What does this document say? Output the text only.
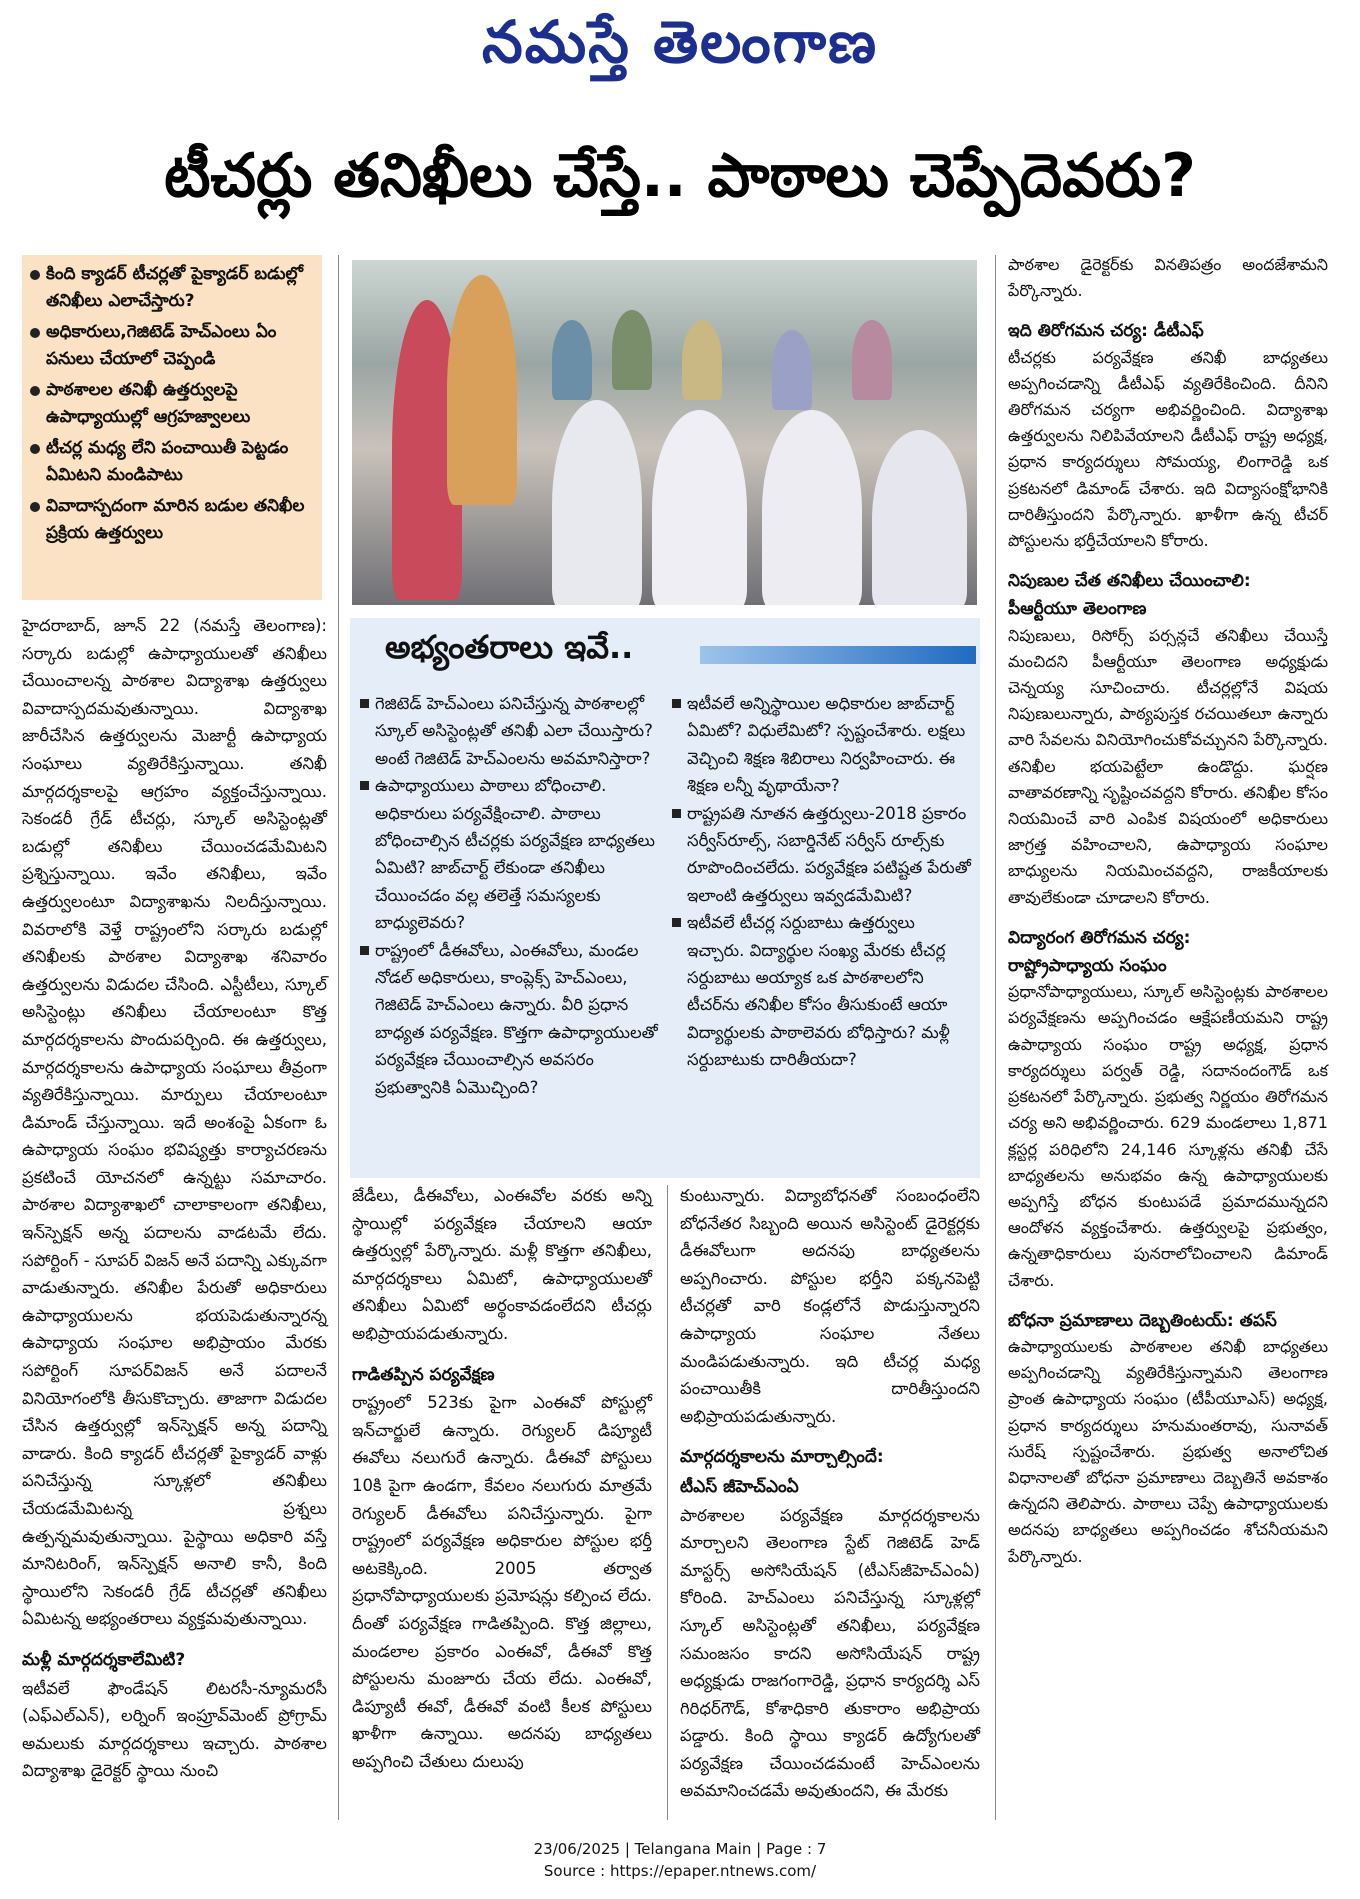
నమస్తే తెలంగాణ
టీచర్లు తనిఖీలు చేస్తే.. పాఠాలు చెప్పేదెవరు?
కింది క్యాడర్ టీచర్లతో పైక్యాడర్ బడుల్లో తనిఖీలు ఎలాచేస్తారు?
అధికారులు,గెజిటెడ్ హెచ్ఎంలు ఏం పనులు చేయాలో చెప్పండి
పాఠశాలల తనిఖీ ఉత్తర్వులపై ఉపాధ్యాయుల్లో ఆగ్రహజ్వాలలు
టీచర్ల మధ్య లేని పంచాయితీ పెట్టడం ఏమిటని మండిపాటు
వివాదాస్పదంగా మారిన బడుల తనిఖీల ప్రక్రియ ఉత్తర్వులు
అభ్యంతరాలు ఇవే..
గెజిటెడ్ హెచ్ఎంలు పనిచేస్తున్న పాఠశాలల్లో స్కూల్ అసిస్టెంట్లతో తనిఖీ ఎలా చేయిస్తారు? అంటే గెజిటెడ్ హెచ్ఎంలను అవమానిస్తారా?
ఉపాధ్యాయులు పాఠాలు బోధించాలి. అధికారులు పర్యవేక్షించాలి. పాఠాలు బోధించాల్సిన టీచర్లకు పర్యవేక్షణ బాధ్యతలు ఏమిటి? జాబ్‌చార్ట్ లేకుండా తనిఖీలు చేయించడం వల్ల తలెత్తే సమస్యలకు బాధ్యులెవరు?
రాష్ట్రంలో డీఈవోలు, ఎంఈవోలు, మండల నోడల్ అధికారులు, కాంప్లెక్స్ హెచ్ఎంలు, గెజిటెడ్ హెచ్ఎంలు ఉన్నారు. వీరి ప్రధాన బాధ్యత పర్యవేక్షణ. కొత్తగా ఉపాధ్యాయులతో పర్యవేక్షణ చేయించాల్సిన అవసరం ప్రభుత్వానికి ఏమొచ్చింది?
ఇటీవలే అన్నిస్థాయిల అధికారుల జాబ్‌చార్ట్ ఏమిటో? విధులేమిటో? స్పష్టంచేశారు. లక్షలు వెచ్చించి శిక్షణ శిబిరాలు నిర్వహించారు. ఈ శిక్షణ లన్నీ వృథాయేనా?
రాష్ట్రపతి నూతన ఉత్తర్వులు-2018 ప్రకారం సర్వీస్‌రూల్స్, సబార్డినేట్ సర్వీస్ రూల్స్‌కు రూపొందించలేదు. పర్యవేక్షణ పటిష్టత పేరుతో ఇలాంటి ఉత్తర్వులు ఇవ్వడమేమిటి?
ఇటీవలే టీచర్ల సర్దుబాటు ఉత్తర్వులు ఇచ్చారు. విద్యార్థుల సంఖ్య మేరకు టీచర్ల సర్దుబాటు అయ్యాక ఒక పాఠశాలలోని టీచర్‌ను తనిఖీల కోసం తీసుకుంటే ఆయా విద్యార్థులకు పాఠాలెవరు బోధిస్తారు? మళ్లీ సర్దుబాటుకు దారితీయదా?

హైదరాబాద్, జూన్ 22 (నమస్తే తెలంగాణ): సర్కారు బడుల్లో ఉపాధ్యాయులతో తనిఖీలు చేయించాలన్న పాఠశాల విద్యాశాఖ ఉత్తర్వులు వివాదాస్పదమవుతున్నాయి. విద్యాశాఖ జారీచేసిన ఉత్తర్వులను మెజార్టీ ఉపాధ్యాయ సంఘాలు వ్యతిరేకిస్తున్నాయి. తనిఖీ మార్గదర్శకాలపై ఆగ్రహం వ్యక్తంచేస్తున్నాయి. సెకండరీ గ్రేడ్ టీచర్లు, స్కూల్ అసిస్టెంట్లతో బడుల్లో తనిఖీలు చేయించడమేమిటని ప్రశ్నిస్తున్నాయి. ఇవేం తనిఖీలు, ఇవేం ఉత్తర్వులంటూ విద్యాశాఖను నిలదీస్తున్నాయి. వివరాలోకి వెళ్తే రాష్ట్రంలోని సర్కారు బడుల్లో తనిఖీలకు పాఠశాల విద్యాశాఖ శనివారం ఉత్తర్వులను విడుదల చేసింది. ఎస్టీటీలు, స్కూల్ అసిస్టెంట్లు తనిఖీలు చేయాలంటూ కొత్త మార్గదర్శకాలను పొందుపర్చింది. ఈ ఉత్తర్వులు, మార్గదర్శకాలను ఉపాధ్యాయ సంఘాలు తీవ్రంగా వ్యతిరేకిస్తున్నాయి. మార్పులు చేయాలంటూ డిమాండ్ చేస్తున్నాయి. ఇదే అంశంపై ఏకంగా ఓ ఉపాధ్యాయ సంఘం భవిష్యత్తు కార్యాచరణను ప్రకటించే యోచనలో ఉన్నట్టు సమాచారం. పాఠశాల విద్యాశాఖలో చాలాకాలంగా తనిఖీలు, ఇన్‌స్పెక్షన్ అన్న పదాలను వాడటమే లేదు. సపోర్టింగ్ - సూపర్ విజన్ అనే పదాన్ని ఎక్కువగా వాడుతున్నారు. తనిఖీల పేరుతో అధికారులు ఉపాధ్యాయులను భయపెడుతున్నారన్న ఉపాధ్యాయ సంఘాల అభిప్రాయం మేరకు సపోర్టింగ్ సూపర్‌విజన్ అనే పదాలనే వినియోగంలోకి తీసుకొచ్చారు. తాజాగా విడుదల చేసిన ఉత్తర్వుల్లో ఇన్‌స్పెక్షన్ అన్న పదాన్ని వాడారు. కింది క్యాడర్ టీచర్లతో పైక్యాడర్ వాళ్లు పనిచేస్తున్న స్కూళ్లలో తనిఖీలు చేయడమేమిటన్న ప్రశ్నలు ఉత్పన్నమవుతున్నాయి. పైస్థాయి అధికారి వస్తే మానిటరింగ్, ఇన్‌స్పెక్షన్ అనాలి కానీ, కింది స్థాయిలోని సెకండరీ గ్రేడ్ టీచర్లతో తనిఖీలు ఏమిటన్న అభ్యంతరాలు వ్యక్తమవుతున్నాయి.

మళ్లీ మార్గదర్శకాలేమిటి?

ఇటీవలే ఫౌండేషన్ లిటరసీ-న్యూమరసీ (ఎఫ్ఎల్ఎన్), లర్నింగ్ ఇంప్రూవ్‌మెంట్ ప్రోగ్రామ్ అమలుకు మార్గదర్శకాలు ఇచ్చారు. పాఠశాల విద్యాశాఖ డైరెక్టర్ స్థాయి నుంచి

జేడీలు, డీఈవోలు, ఎంఈవోల వరకు అన్ని స్థాయిల్లో పర్యవేక్షణ చేయాలని ఆయా ఉత్తర్వుల్లో పేర్కొన్నారు. మళ్లీ కొత్తగా తనిఖీలు, మార్గదర్శకాలు ఏమిటో, ఉపాధ్యాయులతో తనిఖీలు ఏమిటో అర్థంకావడంలేదని టీచర్లు అభిప్రాయపడుతున్నారు.

గాడితప్పిన పర్యవేక్షణ

రాష్ట్రంలో 523కు పైగా ఎంఈవో పోస్టుల్లో ఇన్‌చార్జులే ఉన్నారు. రెగ్యులర్ డిప్యూటీ ఈవోలు నలుగురే ఉన్నారు. డీఈవో పోస్టులు 10కి పైగా ఉండగా, కేవలం నలుగురు మాత్రమే రెగ్యులర్ డీఈవోలు పనిచేస్తున్నారు. పైగా రాష్ట్రంలో పర్యవేక్షణ అధికారుల పోస్టుల భర్తీ అటకెక్కింది. 2005 తర్వాత ప్రధానోపాధ్యాయులకు ప్రమోషన్లు కల్పించ లేదు. దీంతో పర్యవేక్షణ గాడితప్పింది. కొత్త జిల్లాలు, మండలాల ప్రకారం ఎంఈవో, డీఈవో కొత్త పోస్టులను మంజూరు చేయ లేదు. ఎంఈవో, డిప్యూటీ ఈవో, డీఈవో వంటి కీలక పోస్టులు ఖాళీగా ఉన్నాయి. అదనపు బాధ్యతలు అప్పగించి చేతులు దులుపు

కుంటున్నారు. విద్యాబోధనతో సంబంధంలేని బోధనేతర సిబ్బంది అయిన అసిస్టెంట్ డైరెక్టర్లకు డీఈవోలుగా అదనపు బాధ్యతలను అప్పగించారు. పోస్టుల భర్తీని పక్కనపెట్టి టీచర్లతో వారి కండ్లలోనే పొడుస్తున్నారని ఉపాధ్యాయ సంఘాల నేతలు మండిపడుతున్నారు. ఇది టీచర్ల మధ్య పంచాయితీకి దారితీస్తుందని అభిప్రాయపడుతున్నారు.

మార్గదర్శకాలను మార్చాల్సిందే:
టీఎస్ జీహెచ్ఎంఏ

పాఠశాలల పర్యవేక్షణ మార్గదర్శకాలను మార్చాలని తెలంగాణ స్టేట్ గెజిటెడ్ హెడ్ మాస్టర్స్ అసోసియేషన్ (టీఎస్‌జీహెచ్ఎంఏ) కోరింది. హెచ్ఎంలు పనిచేస్తున్న స్కూళ్లల్లో స్కూల్ అసిస్టెంట్లతో తనిఖీలు, పర్యవేక్షణ సమంజసం కాదని అసోసియేషన్ రాష్ట్ర అధ్యక్షుడు రాజగంగారెడ్డి, ప్రధాన కార్యదర్శి ఎస్ గిరిధర్‌గౌడ్, కోశాధికారి తుకారాం అభిప్రాయ పడ్డారు. కింది స్థాయి క్యాడర్ ఉద్యోగులతో పర్యవేక్షణ చేయించడమంటే హెచ్ఎంలను అవమానించడమే అవుతుందని, ఈ మేరకు

పాఠశాల డైరెక్టర్‌కు వినతిపత్రం అందజేశామని పేర్కొన్నారు.

ఇది తిరోగమన చర్య: డీటీఎఫ్

టీచర్లకు పర్యవేక్షణ తనిఖీ బాధ్యతలు అప్పగించడాన్ని డీటీఎఫ్ వ్యతిరేకించింది. దీనిని తిరోగమన చర్యగా అభివర్ణించింది. విద్యాశాఖ ఉత్తర్వులను నిలిపివేయాలని డీటీఎఫ్ రాష్ట్ర అధ్యక్ష, ప్రధాన కార్యదర్శులు సోమయ్య, లింగారెడ్డి ఒక ప్రకటనలో డిమాండ్ చేశారు. ఇది విద్యాసంక్షోభానికి దారితీస్తుందని పేర్కొన్నారు. ఖాళీగా ఉన్న టీచర్ పోస్టులను భర్తీచేయాలని కోరారు.

నిపుణుల చేత తనిఖీలు చేయించాలి:
పీఆర్టీయూ తెలంగాణ

నిపుణులు, రిసోర్స్ పర్సన్లచే తనిఖీలు చేయిస్తే మంచిదని పీఆర్టీయూ తెలంగాణ అధ్యక్షుడు చెన్నయ్య సూచించారు. టీచర్లల్లోనే విషయ నిపుణులున్నారు, పాఠ్యపుస్తక రచయితలూ ఉన్నారు వారి సేవలను వినియోగించుకోవచ్చునని పేర్కొన్నారు. తనిఖీల భయపెట్టేలా ఉండొద్దు. ఘర్షణ వాతావరణాన్ని సృష్టించవద్దని కోరారు. తనిఖీల కోసం నియమించే వారి ఎంపిక విషయంలో అధికారులు జాగ్రత్త వహించాలని, ఉపాధ్యాయ సంఘాల బాధ్యులను నియమించవద్దని, రాజకీయాలకు తావులేకుండా చూడాలని కోరారు.

విద్యారంగ తిరోగమన చర్య:
రాష్ట్రోపాధ్యాయ సంఘం

ప్రధానోపాధ్యాయులు, స్కూల్ అసిస్టెంట్లకు పాఠశాలల పర్యవేక్షణను అప్పగించడం ఆక్షేపణీయమని రాష్ట్ర ఉపాధ్యాయ సంఘం రాష్ట్ర అధ్యక్ష, ప్రధాన కార్యదర్శులు పర్వత్ రెడ్డి, సదానందంగౌడ్ ఒక ప్రకటనలో పేర్కొన్నారు. ప్రభుత్వ నిర్ణయం తిరోగమన చర్య అని అభివర్ణించారు. 629 మండలాలు 1,871 క్లస్టర్ల పరిధిలోని 24,146 స్కూళ్లను తనిఖీ చేసే బాధ్యతలను అనుభవం ఉన్న ఉపాధ్యాయులకు అప్పగిస్తే బోధన కుంటుపడే ప్రమాదమున్నదని ఆందోళన వ్యక్తంచేశారు. ఉత్తర్వులపై ప్రభుత్వం, ఉన్నతాధికారులు పునరాలోచించాలని డిమాండ్ చేశారు.

బోధనా ప్రమాణాలు దెబ్బతింటయ్: తపస్

ఉపాధ్యాయులకు పాఠశాలల తనిఖీ బాధ్యతలు అప్పగించడాన్ని వ్యతిరేకిస్తున్నామని తెలంగాణ ప్రాంత ఉపాధ్యాయ సంఘం (టీపీయూఎస్) అధ్యక్ష, ప్రధాన కార్యదర్శులు హనుమంతరావు, సునావత్ సురేష్ స్పష్టంచేశారు. ప్రభుత్వ అనాలోచిత విధానాలతో బోధనా ప్రమాణాలు దెబ్బతినే అవకాశం ఉన్నదని తెలిపారు. పాఠాలు చెప్పే ఉపాధ్యాయులకు అదనపు బాధ్యతలు అప్పగించడం శోచనీయమని పేర్కొన్నారు.

23/06/2025 | Telangana Main | Page : 7
Source : https://epaper.ntnews.com/
